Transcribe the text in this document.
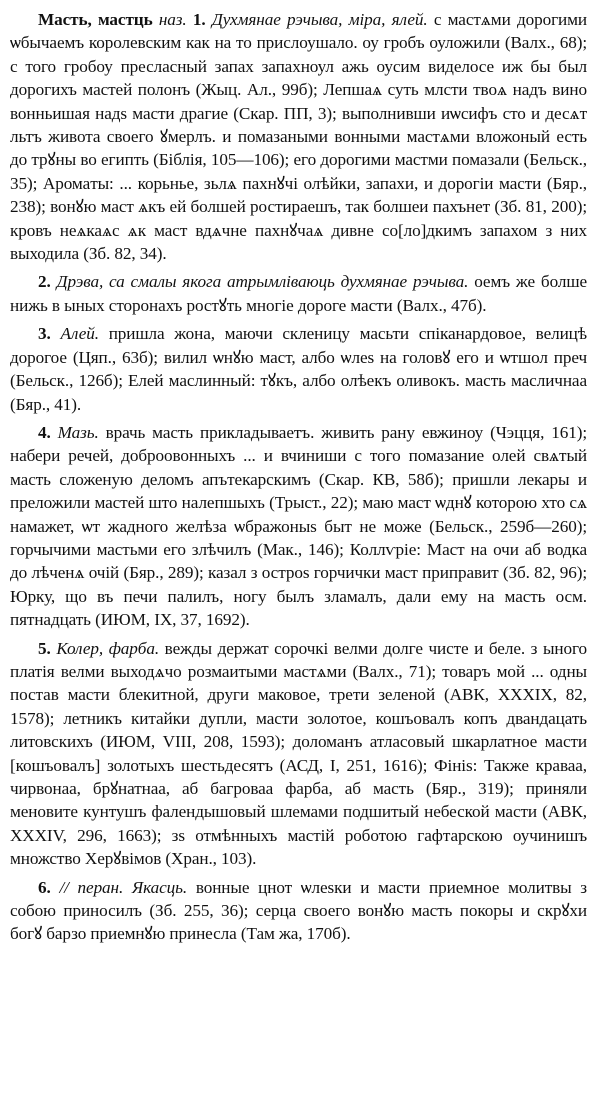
Масть, мастць наз. 1. Духмянае рэчыва, міра, ялей. с мастѧми дорогими ѡбычаемъ королевским как на то прислоушало. оу гробъ оуложили (Валх., 68); с того гробоу пресласный запах запахноул ажь оусим виделосе иж бы был дорогихъ мастей полонъ (Жыц. Ал., 99б); Лепшаѧ суть млсти твоѧ надъ вино вонньишая надs масти драгие (Скар. ПП, 3); выполнивши иѡсифъ сто и десѧт льтъ живота своего ꙋмерлъ. и помазаными вонными мастѧми вложоный есть до трꙋны во египть (Біблія, 105—106); его дорогими мастми помазали (Бельск., 35); Аромaты: ... корьнье, зьлѧ пахнꙋчі олѣйки, запахи, и дорогіи масти (Бяр., 238); вонꙋю маст ѧкъ ей болшей ростираешъ, так болшеи пахънет (Зб. 81, 200); кровъ неѧкаѧс ѧк маст вдѧчне пахнꙋчаѧ дивне со[ло]дкимъ запахом з них выходила (Зб. 82, 34).

2. Дрэва, са смалы якога атрымліваюць духмянае рэчыва. оемъ же болше нижь в ыных сторонахъ ростꙋть многіе дороге масти (Валх., 47б).

3. Алей. пришла жона, маючи скленицу масьти спіканардовое, велицѣ дорогое (Цяп., 63б); вилил ѡнꙋю маст, албо ѡлеs на головꙋ его и ѡтшол преч (Бельск., 126б); Елей маслинный: тꙋкъ, албо олѣекъ оливокъ. масть масличнаа (Бяр., 41).

4. Мазь. врачь масть прикладываетъ. живить рану евжиноу (Чэцця, 161); набери речей, доброовонныхъ ... и вчиниши с того помазание олей свѧтый масть сложеную деломъ апътекарскимъ (Скар. КВ, 58б); пришли лекары и преложили мастей што налепшыхъ (Трыст., 22); маю маст ѡднꙋ которою хто сѧ намажет, ѡт жадного желѣза ѡбражоныs быт не може (Бельск., 259б—260); горчычими мастьми его злѣчилъ (Мак., 146); Коллѵріе: Маст на очи аб водка до лѣченѧ очій (Бяр., 289); казал з остроs горчички маст приправит (Зб. 82, 96); Юрку, що въ печи палилъ, ногу былъ зламалъ, дали ему на масть осм. пятнадцать (ИЮМ, IX, 37, 1692).

5. Колер, фарба. вежды держат сорочкі велми долге чисте и беле. з ыного платія велми выходѧчо розмаитыми мастѧми (Валх., 71); товаръ мой ... одны постав масти блекитной, други маковое, трети зеленой (АВК, XXXIX, 82, 1578); летникъ китайки дупли, масти золотое, кошъовалъ копъ двандацать литовскихъ (ИЮМ, VIII, 208, 1593); доломанъ атласовый шкарлатное масти [кошъовалъ] золотыхъ шестьдесятъ (АСД, I, 251, 1616); Фініѕ: Также краваа, чирвонаа, брꙋнатнаа, аб багроваа фарба, аб масть (Бяр., 319); приняли меновите кунтушъ фалендышовый шлемами подшитый небеской масти (АВК, XXXIV, 296, 1663); зs отмѣнныхъ мастій роботою гафтарскою оучинишъ множство Херꙋвімов (Хран., 103).

6. // перан. Якасць. вонные цнот ѡлеsки и масти приемное молитвы з собою приносилъ (Зб. 255, 36); серца своего вонꙋю масть покоры и скрꙋхи богꙋ барзо приемнꙋю принесла (Там жа, 170б).
